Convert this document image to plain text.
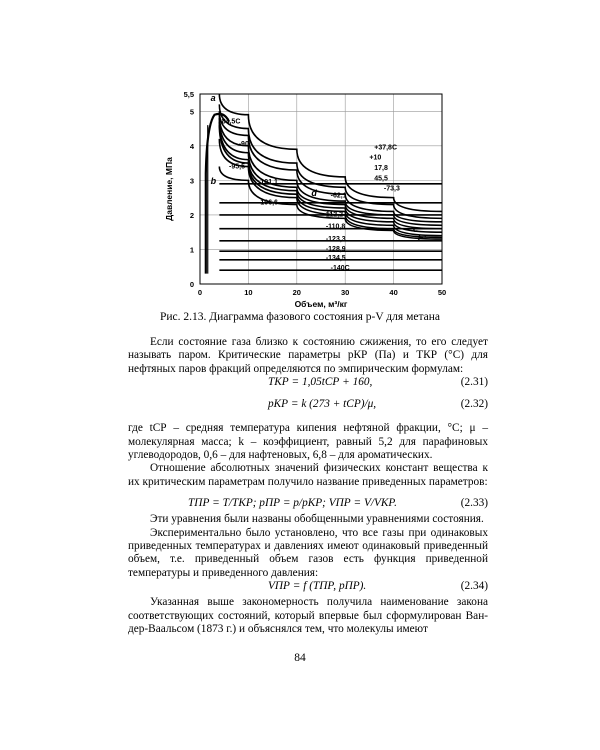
0	10	20	30	40	50
0
1
2
3
4
5
5,5
Объем, м³/кг
Давление, МПа
+37,8C
+10
17,8
45,5
-62,1
-73,3
-84,5C
-90
-95,5
-101,1
-106,6
112,2
-110,8
-123,3
-128,9
-134,5
-140C
a
b
c
d
E'
Рис. 2.13. Диаграмма фазового состояния p-V для метана

Если состояние газа близко к состоянию сжижения, то его следует называть паром. Критические параметры pКР (Па) и TКР (°С) для нефтяных паров фракций определяются по эмпирическим формулам:

TКР = 1,05tСР + 160,	(2.31)
pКР = k (273 + tСР)/μ,	(2.32)

где tСР – средняя температура кипения нефтяной фракции, °С; μ – молекулярная масса; k – коэффициент, равный 5,2 для парафиновых углеводородов, 0,6 – для нафтеновых, 6,8 – для ароматических.

Отношение абсолютных значений физических констант вещества к их критическим параметрам получило название приведенных параметров:

TПР = T/TКР; pПР = p/pКР; VПР = V/VКР.	(2.33)

Эти уравнения были названы обобщенными уравнениями состояния.

Экспериментально было установлено, что все газы при одинаковых приведенных температурах и давлениях имеют одинаковый приведенный объем, т.е. приведенный объем газов есть функция приведенной температуры и приведенного давления:

VПР = f (TПР, pПР).	(2.34)

Указанная выше закономерность получила наименование закона соответствующих состояний, который впервые был сформулирован Ван-дер-Ваальсом (1873 г.) и объяснялся тем, что молекулы имеют

84
